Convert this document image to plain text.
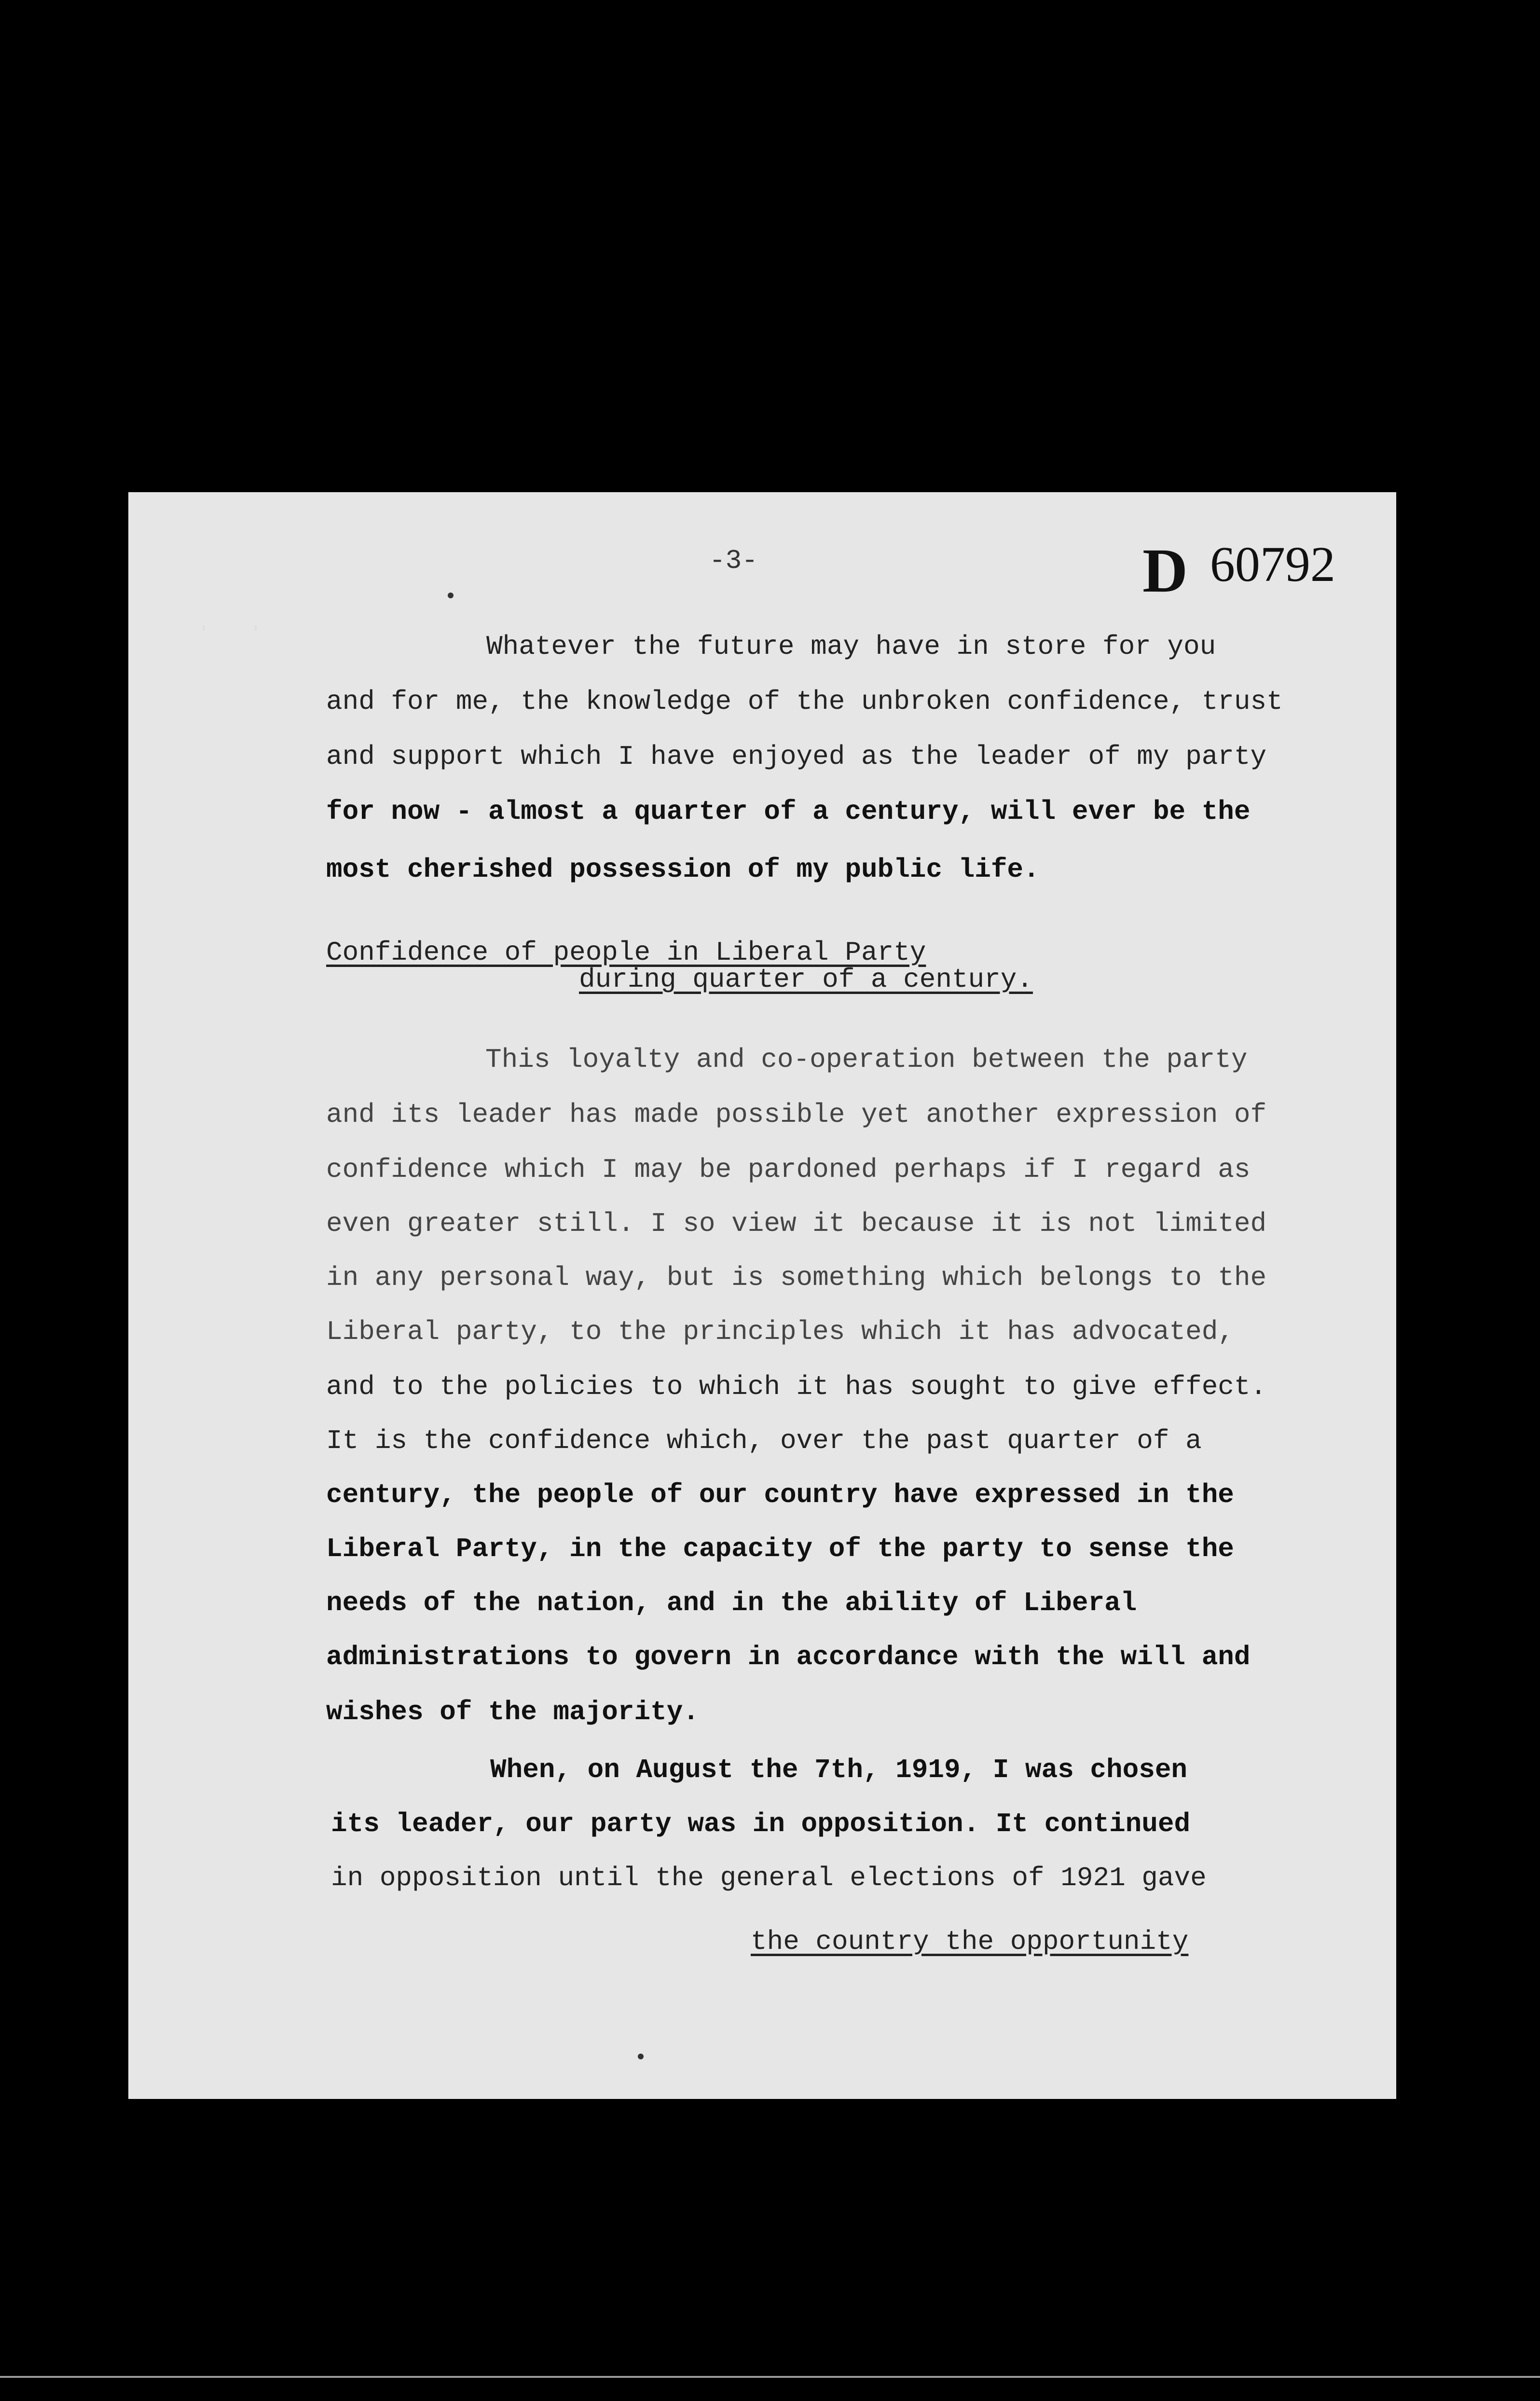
' '
-3-	D 60792
Whatever the future may have in store for you
and for me, the knowledge of the unbroken confidence, trust
and support which I have enjoyed as the leader of my party
for now - almost a quarter of a century, will ever be the
most cherished possession of my public life.
Confidence of people in Liberal Party
during quarter of a century.
This loyalty and co-operation between the party
and its leader has made possible yet another expression of
confidence which I may be pardoned perhaps if I regard as
even greater still. I so view it because it is not limited
in any personal way, but is something which belongs to the
Liberal party, to the principles which it has advocated,
and to the policies to which it has sought to give effect.
It is the confidence which, over the past quarter of a
century, the people of our country have expressed in the
Liberal Party, in the capacity of the party to sense the
needs of the nation, and in the ability of Liberal
administrations to govern in accordance with the will and
wishes of the majority.
When, on August the 7th, 1919, I was chosen
its leader, our party was in opposition. It continued
in opposition until the general elections of 1921 gave
the country the opportunity
